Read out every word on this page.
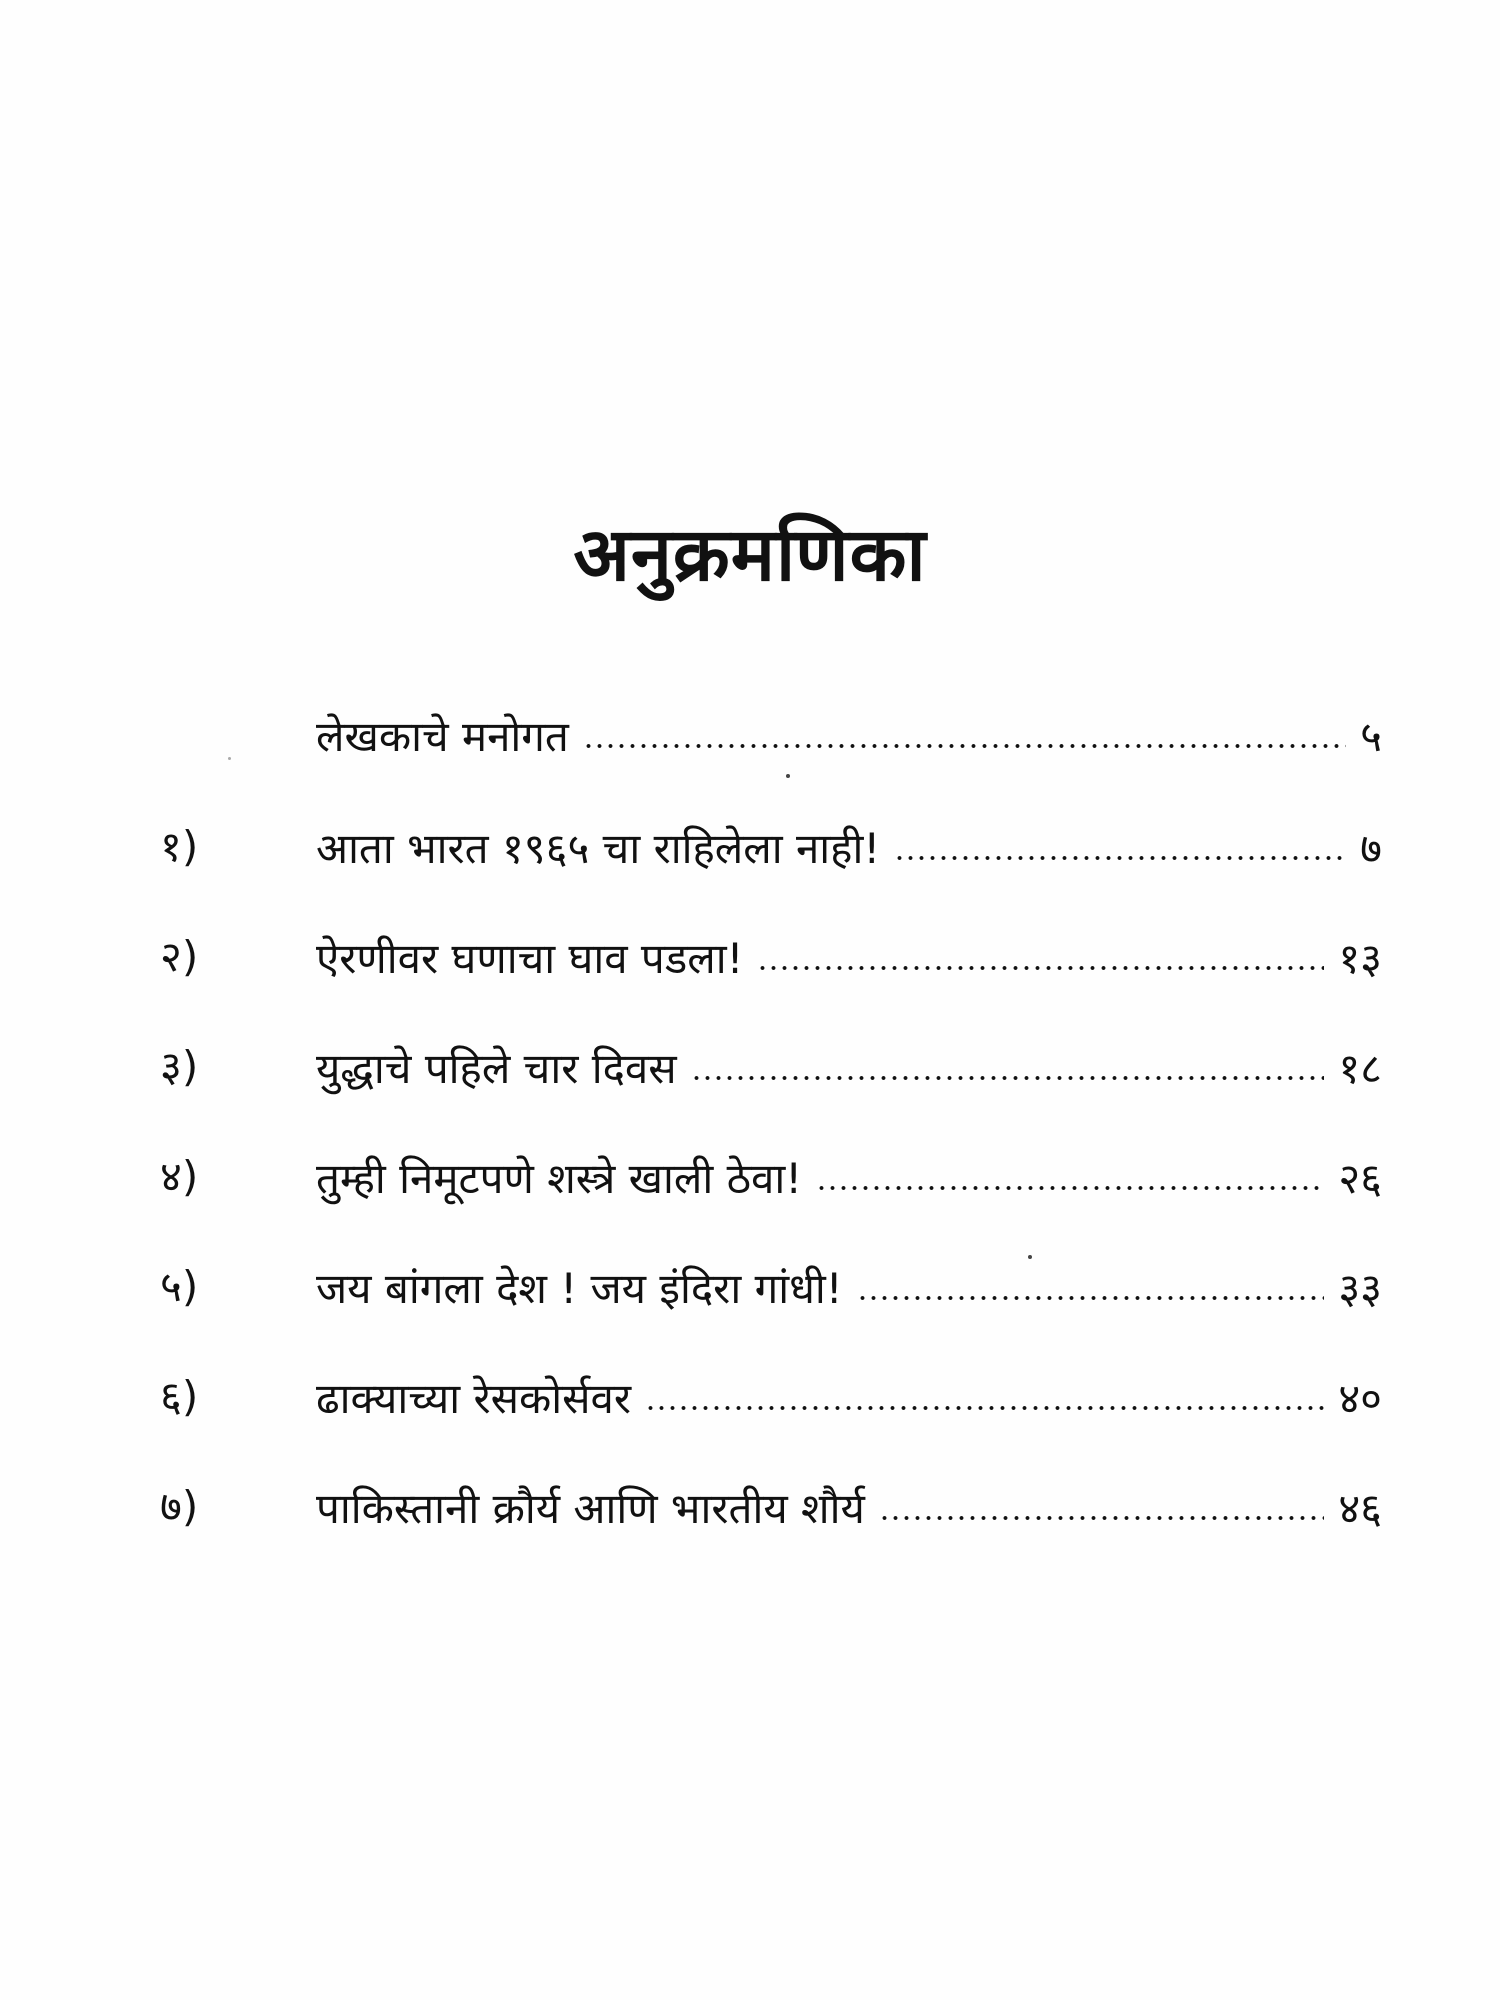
अनुक्रमणिका
लेखकाचे मनोगत	५
१)	आता भारत १९६५ चा राहिलेला नाही!	७
२)	ऐरणीवर घणाचा घाव पडला!	१३
३)	युद्धाचे पहिले चार दिवस	१८
४)	तुम्ही निमूटपणे शस्त्रे खाली ठेवा!	२६
५)	जय बांगला देश ! जय इंदिरा गांधी!	३३
६)	ढाक्याच्या रेसकोर्सवर	४०
७)	पाकिस्तानी क्रौर्य आणि भारतीय शौर्य	४६
